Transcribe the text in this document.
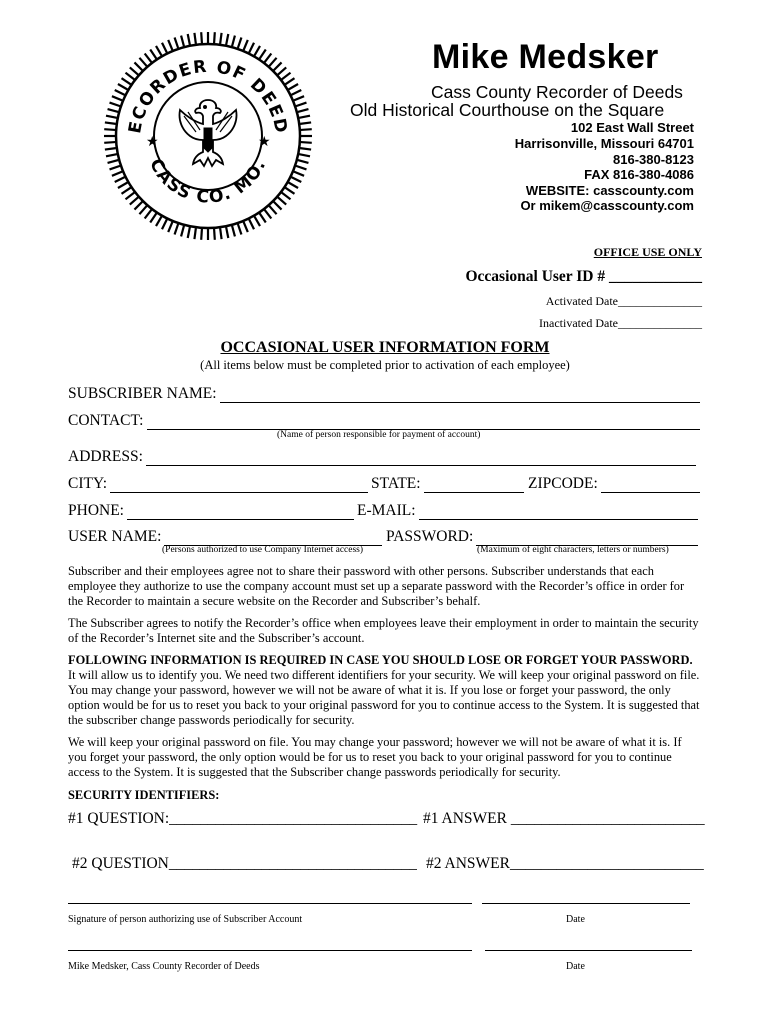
ECORDER OF DEED
CASS CO. MO.
★	★
Mike Medsker
Cass County Recorder of Deeds
Old Historical Courthouse on the Square
102 East Wall Street
Harrisonville, Missouri 64701
816-380-8123
FAX 816-380-4086
WEBSITE: casscounty.com
Or mikem@casscounty.com
OFFICE USE ONLY
Occasional User ID # ____________
Activated Date______________
Inactivated Date______________
OCCASIONAL USER INFORMATION FORM
(All items below must be completed prior to activation of each employee)
SUBSCRIBER NAME:
CONTACT:
(Name of person responsible for payment of account)
ADDRESS:
CITY:	STATE:	ZIPCODE:
PHONE:	E-MAIL:
USER NAME:	PASSWORD:
(Persons authorized to use Company Internet access)	(Maximum of eight characters, letters or numbers)

Subscriber and their employees agree not to share their password with other persons. Subscriber understands that each employee they authorize to use the company account must set up a separate password with the Recorder’s office in order for the Recorder to maintain a secure website on the Recorder and Subscriber’s behalf.

The Subscriber agrees to notify the Recorder’s office when employees leave their employment in order to maintain the security of the Recorder’s Internet site and the Subscriber’s account.

FOLLOWING INFORMATION IS REQUIRED IN CASE YOU SHOULD LOSE OR FORGET YOUR PASSWORD. It will allow us to identify you. We need two different identifiers for your security. We will keep your original password on file. You may change your password, however we will not be aware of what it is. If you lose or forget your password, the only option would be for us to reset you back to your original password for you to continue access to the System. It is suggested that the subscriber change passwords periodically for security.

We will keep your original password on file. You may change your password; however we will not be aware of what it is. If you forget your password, the only option would be for us to reset you back to your original password for you to continue access to the System. It is suggested that the Subscriber change passwords periodically for security.

SECURITY IDENTIFIERS:
#1 QUESTION:________________________________ #1 ANSWER _________________________
#2 QUESTION________________________________ #2 ANSWER_________________________
Signature of person authorizing use of Subscriber Account	Date
Mike Medsker, Cass County Recorder of Deeds	Date
